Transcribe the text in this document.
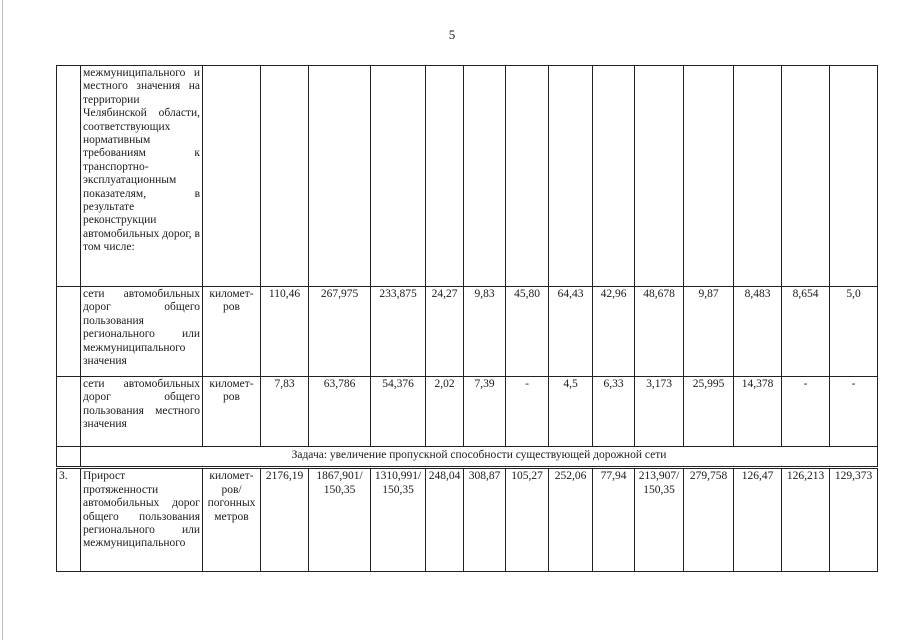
5
	межмуниципального и местного значения на территории Челябинской области, соответствующих нормативным требованиям к транспортно-эксплуатационным показателям, в результате реконструкции автомобильных дорог, в том числе:														
	сети автомобильных дорог общего пользования регионального или межмуниципального значения	километ-ров	110,46	267,975	233,875	24,27	9,83	45,80	64,43	42,96	48,678	9,87	8,483	8,654	5,0
	сети автомобильных дорог общего пользования местного значения	километ-ров	7,83	63,786	54,376	2,02	7,39	-	4,5	6,33	3,173	25,995	14,378	-	-
	Задача: увеличение пропускной способности существующей дорожной сети														
3.	Прирост протяженности автомобильных дорог общего пользования регионального или межмуниципального	километ-ров/ погонных метров	2176,19	1867,901/ 150,35	1310,991/ 150,35	248,04	308,87	105,27	252,06	77,94	213,907/ 150,35	279,758	126,47	126,213	129,373
